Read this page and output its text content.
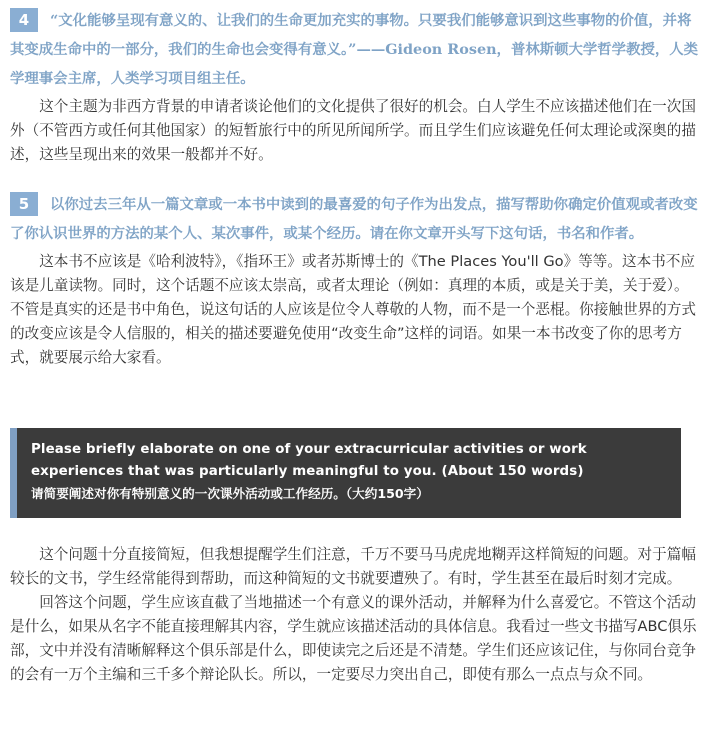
4 “文化能够呈现有意义的、让我们的生命更加充实的事物。只要我们能够意识到这些事物的价值，并将其变成生命中的一部分，我们的生命也会变得有意义。”——Gideon Rosen，普林斯顿大学哲学教授，人类学理事会主席，人类学习项目组主任。

这个主题为非西方背景的申请者谈论他们的文化提供了很好的机会。白人学生不应该描述他们在一次国外（不管西方或任何其他国家）的短暂旅行中的所见所闻所学。而且学生们应该避免任何太理论或深奥的描述，这些呈现出来的效果一般都并不好。

5 以你过去三年从一篇文章或一本书中读到的最喜爱的句子作为出发点，描写帮助你确定价值观或者改变了你认识世界的方法的某个人、某次事件，或某个经历。请在你文章开头写下这句话，书名和作者。

这本书不应该是《哈利波特》，《指环王》或者苏斯博士的《The Places You'll Go》等等。这本书不应该是儿童读物。同时，这个话题不应该太崇高，或者太理论（例如：真理的本质，或是关于美，关于爱）。不管是真实的还是书中角色，说这句话的人应该是位令人尊敬的人物，而不是一个恶棍。你接触世界的方式的改变应该是令人信服的，相关的描述要避免使用“改变生命”这样的词语。如果一本书改变了你的思考方式，就要展示给大家看。

Please briefly elaborate on one of your extracurricular activities or work experiences that was particularly meaningful to you. (About 150 words)
请简要阐述对你有特别意义的一次课外活动或工作经历。（大约150字）

这个问题十分直接简短，但我想提醒学生们注意，千万不要马马虎虎地糊弄这样简短的问题。对于篇幅较长的文书，学生经常能得到帮助，而这种简短的文书就要遭殃了。有时，学生甚至在最后时刻才完成。

回答这个问题，学生应该直截了当地描述一个有意义的课外活动，并解释为什么喜爱它。不管这个活动是什么，如果从名字不能直接理解其内容，学生就应该描述活动的具体信息。我看过一些文书描写ABC俱乐部，文中并没有清晰解释这个俱乐部是什么，即使读完之后还是不清楚。学生们还应该记住，与你同台竞争的会有一万个主编和三千多个辩论队长。所以，一定要尽力突出自己，即使有那么一点点与众不同。
